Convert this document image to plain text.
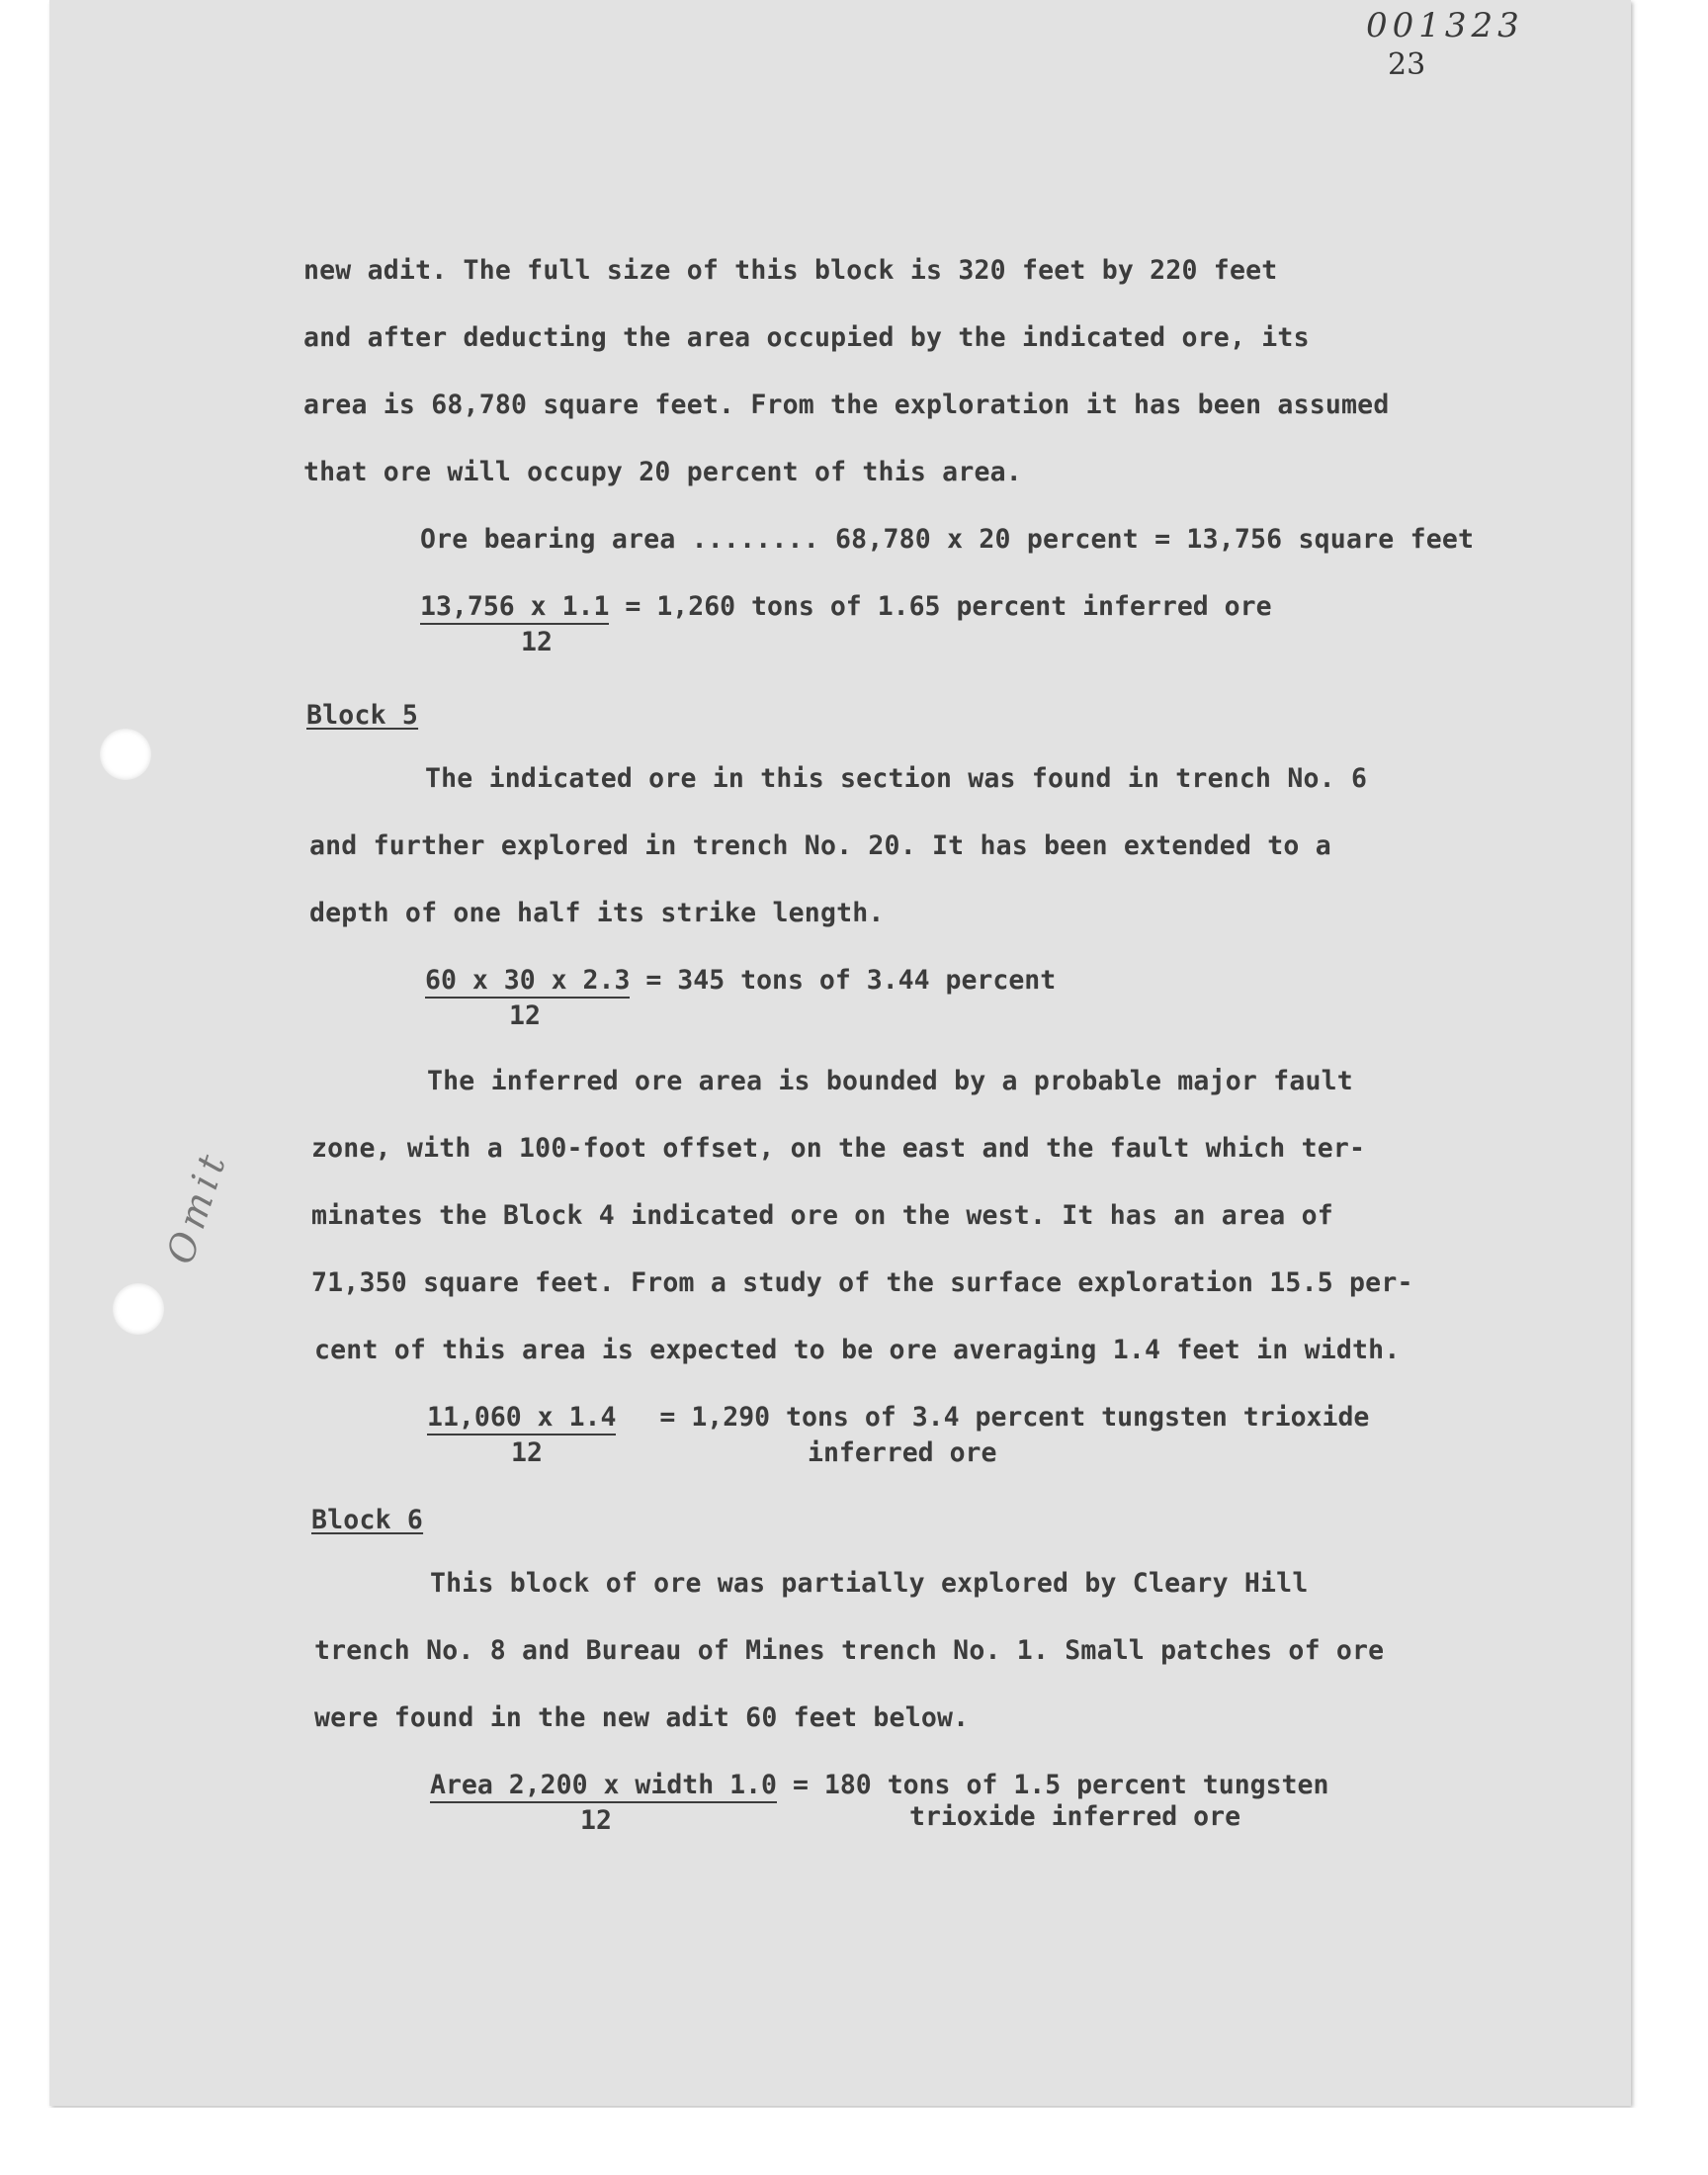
001323
23
Omit
new adit. The full size of this block is 320 feet by 220 feet
and after deducting the area occupied by the indicated ore, its
area is 68,780 square feet. From the exploration it has been assumed
that ore will occupy 20 percent of this area.
Ore bearing area ........ 68,780 x 20 percent = 13,756 square feet
13,756 x 1.1 = 1,260 tons of 1.65 percent inferred ore
12
Block 5
The indicated ore in this section was found in trench No. 6
and further explored in trench No. 20. It has been extended to a
depth of one half its strike length.
60 x 30 x 2.3 = 345 tons of 3.44 percent
12
The inferred ore area is bounded by a probable major fault
zone, with a 100-foot offset, on the east and the fault which ter-
minates the Block 4 indicated ore on the west. It has an area of
71,350 square feet. From a study of the surface exploration 15.5 per-
cent of this area is expected to be ore averaging 1.4 feet in width.
11,060 x 1.4 = 1,290 tons of 3.4 percent tungsten trioxide
12	inferred ore
Block 6
This block of ore was partially explored by Cleary Hill
trench No. 8 and Bureau of Mines trench No. 1. Small patches of ore
were found in the new adit 60 feet below.
Area 2,200 x width 1.0 = 180 tons of 1.5 percent tungsten
12	trioxide inferred ore
